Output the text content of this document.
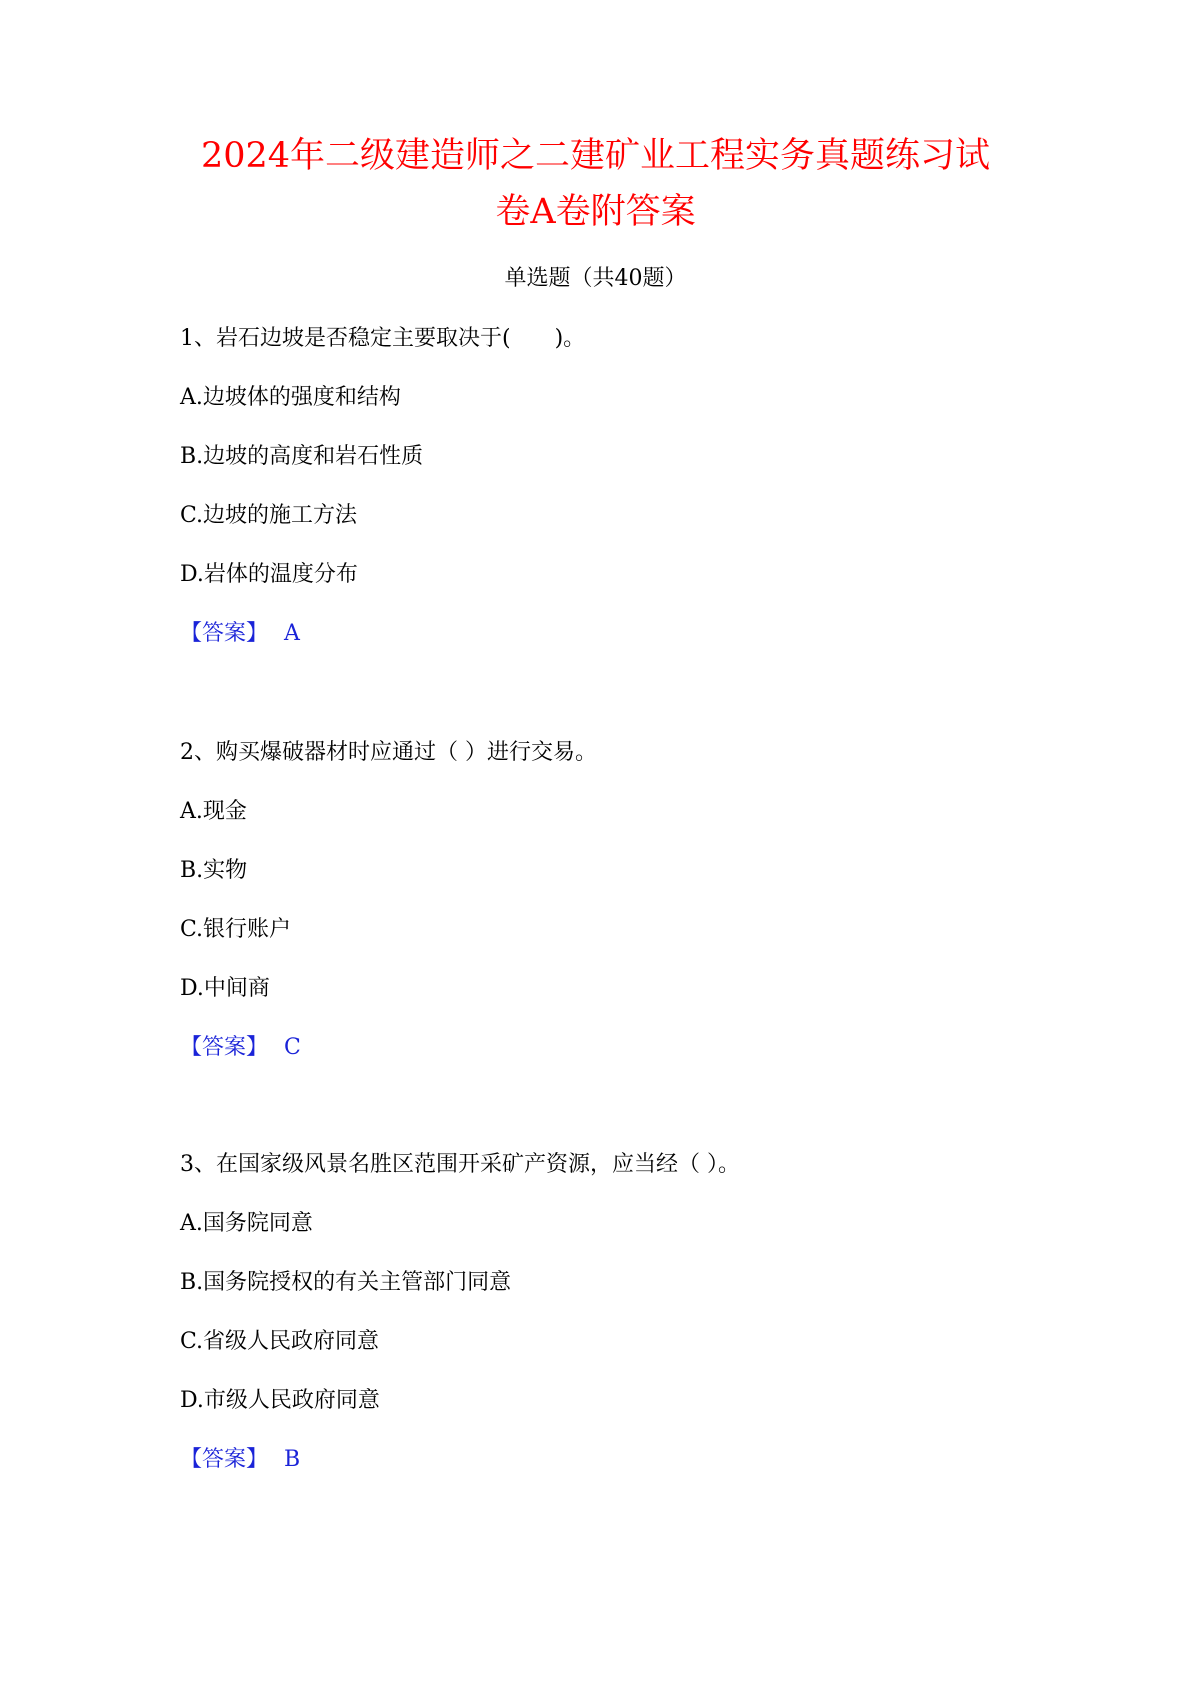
2024年二级建造师之二建矿业工程实务真题练习试
卷A卷附答案
单选题（共40题）
1、岩石边坡是否稳定主要取决于(　　)。
A.边坡体的强度和结构
B.边坡的高度和岩石性质
C.边坡的施工方法
D.岩体的温度分布
【答案】 A
2、购买爆破器材时应通过（ ）进行交易。
A.现金
B.实物
C.银行账户
D.中间商
【答案】 C
3、在国家级风景名胜区范围开采矿产资源，应当经（ ）。
A.国务院同意
B.国务院授权的有关主管部门同意
C.省级人民政府同意
D.市级人民政府同意
【答案】 B
